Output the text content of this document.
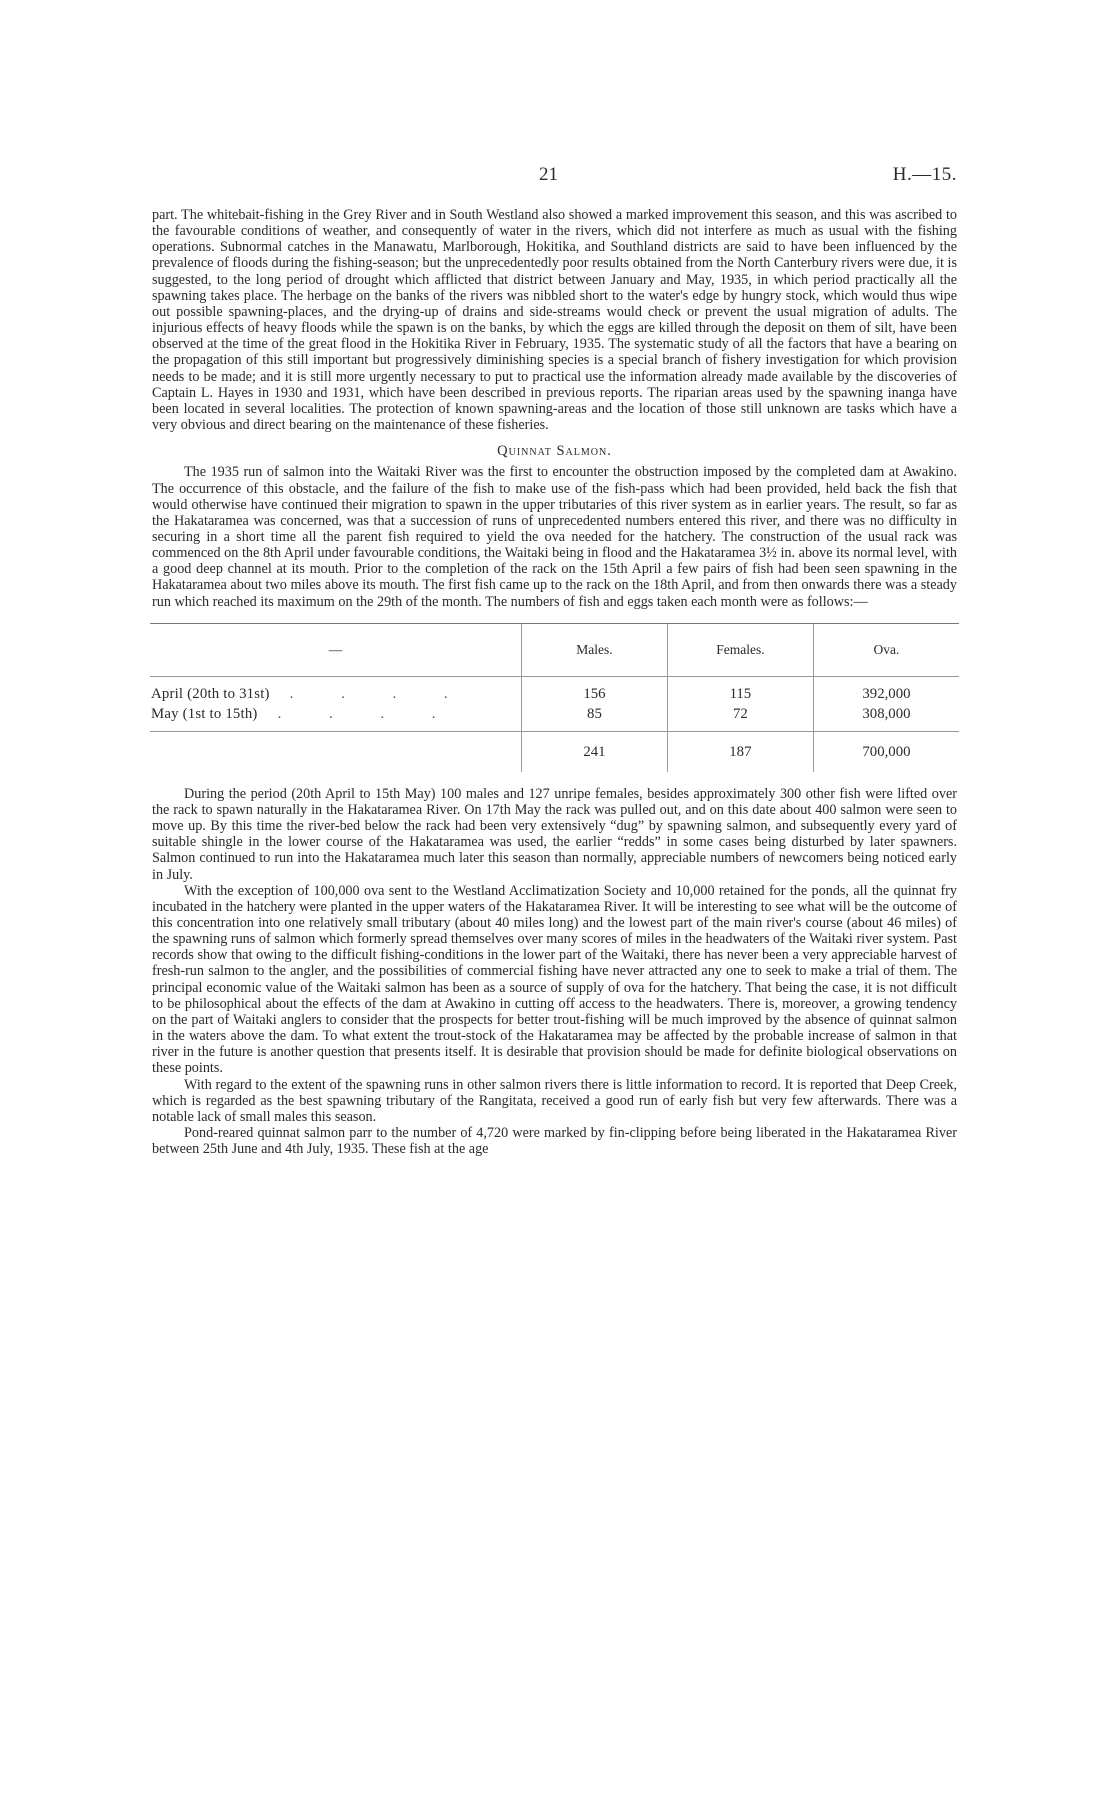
21	H.—15.

part. The whitebait-fishing in the Grey River and in South Westland also showed a marked improvement this season, and this was ascribed to the favourable conditions of weather, and consequently of water in the rivers, which did not interfere as much as usual with the fishing operations. Subnormal catches in the Manawatu, Marlborough, Hokitika, and Southland districts are said to have been influenced by the prevalence of floods during the fishing-season; but the unprecedentedly poor results obtained from the North Canterbury rivers were due, it is suggested, to the long period of drought which afflicted that district between January and May, 1935, in which period practically all the spawning takes place. The herbage on the banks of the rivers was nibbled short to the water's edge by hungry stock, which would thus wipe out possible spawning-places, and the drying-up of drains and side-streams would check or prevent the usual migration of adults. The injurious effects of heavy floods while the spawn is on the banks, by which the eggs are killed through the deposit on them of silt, have been observed at the time of the great flood in the Hokitika River in February, 1935. The systematic study of all the factors that have a bearing on the propagation of this still important but progressively diminishing species is a special branch of fishery investigation for which provision needs to be made; and it is still more urgently necessary to put to practical use the information already made available by the discoveries of Captain L. Hayes in 1930 and 1931, which have been described in previous reports. The riparian areas used by the spawning inanga have been located in several localities. The protection of known spawning-areas and the location of those still unknown are tasks which have a very obvious and direct bearing on the maintenance of these fisheries.

Quinnat Salmon.

The 1935 run of salmon into the Waitaki River was the first to encounter the obstruction imposed by the completed dam at Awakino. The occurrence of this obstacle, and the failure of the fish to make use of the fish-pass which had been provided, held back the fish that would otherwise have continued their migration to spawn in the upper tributaries of this river system as in earlier years. The result, so far as the Hakataramea was concerned, was that a succession of runs of unprecedented numbers entered this river, and there was no difficulty in securing in a short time all the parent fish required to yield the ova needed for the hatchery. The construction of the usual rack was commenced on the 8th April under favourable conditions, the Waitaki being in flood and the Hakataramea 3½ in. above its normal level, with a good deep channel at its mouth. Prior to the completion of the rack on the 15th April a few pairs of fish had been seen spawning in the Hakataramea about two miles above its mouth. The first fish came up to the rack on the 18th April, and from then onwards there was a steady run which reached its maximum on the 29th of the month. The numbers of fish and eggs taken each month were as follows:—

—	Males.	Females.	Ova.
April (20th to 31st) . . . .	156	115	392,000
May (1st to 15th) . . . .	85	72	308,000
	241	187	700,000

During the period (20th April to 15th May) 100 males and 127 unripe females, besides approximately 300 other fish were lifted over the rack to spawn naturally in the Hakataramea River. On 17th May the rack was pulled out, and on this date about 400 salmon were seen to move up. By this time the river-bed below the rack had been very extensively “dug” by spawning salmon, and subsequently every yard of suitable shingle in the lower course of the Hakataramea was used, the earlier “redds” in some cases being disturbed by later spawners. Salmon continued to run into the Hakataramea much later this season than normally, appreciable numbers of newcomers being noticed early in July.

With the exception of 100,000 ova sent to the Westland Acclimatization Society and 10,000 retained for the ponds, all the quinnat fry incubated in the hatchery were planted in the upper waters of the Hakataramea River. It will be interesting to see what will be the outcome of this concentration into one relatively small tributary (about 40 miles long) and the lowest part of the main river's course (about 46 miles) of the spawning runs of salmon which formerly spread themselves over many scores of miles in the headwaters of the Waitaki river system. Past records show that owing to the difficult fishing-conditions in the lower part of the Waitaki, there has never been a very appreciable harvest of fresh-run salmon to the angler, and the possibilities of commercial fishing have never attracted any one to seek to make a trial of them. The principal economic value of the Waitaki salmon has been as a source of supply of ova for the hatchery. That being the case, it is not difficult to be philosophical about the effects of the dam at Awakino in cutting off access to the headwaters. There is, moreover, a growing tendency on the part of Waitaki anglers to consider that the prospects for better trout-fishing will be much improved by the absence of quinnat salmon in the waters above the dam. To what extent the trout-stock of the Hakataramea may be affected by the probable increase of salmon in that river in the future is another question that presents itself. It is desirable that provision should be made for definite biological observations on these points.

With regard to the extent of the spawning runs in other salmon rivers there is little information to record. It is reported that Deep Creek, which is regarded as the best spawning tributary of the Rangitata, received a good run of early fish but very few afterwards. There was a notable lack of small males this season.

Pond-reared quinnat salmon parr to the number of 4,720 were marked by fin-clipping before being liberated in the Hakataramea River between 25th June and 4th July, 1935. These fish at the age
